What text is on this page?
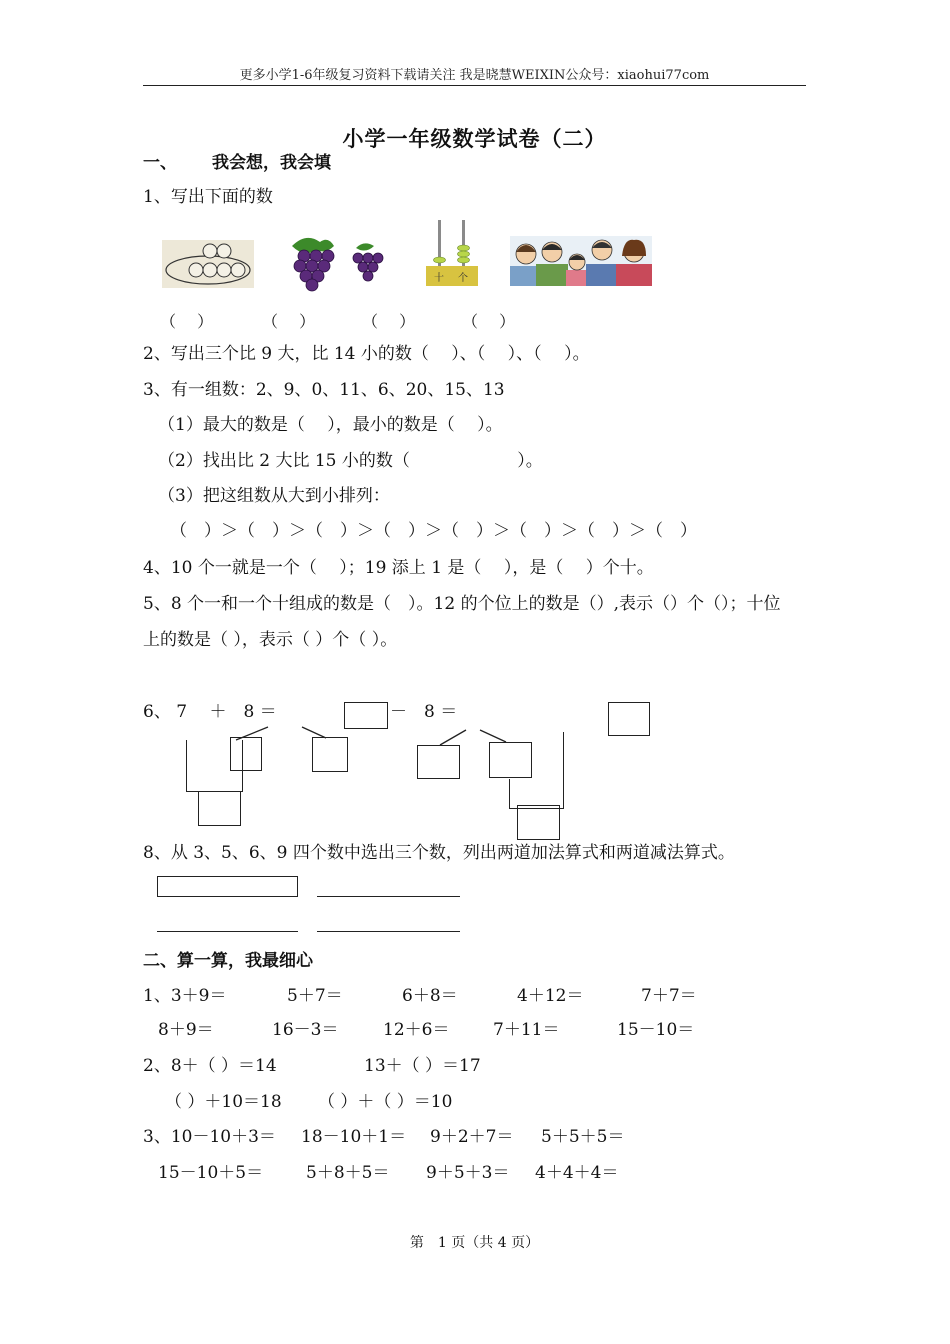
更多小学1-6年级复习资料下载请关注 我是晓慧WEIXIN公众号：xiaohui77com
小学一年级数学试卷（二）
一、 我会想，我会填
1、写出下面的数
十 个
（　 ）	（　 ）	（　 ）	（　 ）
2、写出三个比 9 大，比 14 小的数（　 ）、（　 ）、（　 ）。
3、有一组数：2、9、0、11、6、20、15、13
（1）最大的数是（　 ），最小的数是（　 ）。
（2）找出比 2 大比 15 小的数（　　　　　　 ）。
（3）把这组数从大到小排列：
（　）＞（　）＞（　）＞（　）＞（　）＞（　）＞（　）＞（　）
4、10 个一就是一个（　 ）；19 添上 1 是（　 ），是（　 ）个十。
5、8 个一和一个十组成的数是（　）。12 的个位上的数是（）,表示（）个（）；十位
上的数是（ ），表示（ ）个（ ）。
6、 7 　＋　8 ＝	－　8 ＝
8、从 3、5、6、9 四个数中选出三个数，列出两道加法算式和两道减法算式。
二、算一算，我最细心
1、3＋9＝	5＋7＝	6＋8＝	4＋12＝	7＋7＝
8＋9＝	16－3＝	12＋6＝	7＋11＝	15－10＝
2、8＋（ ）＝14	13＋（ ）＝17
（ ）＋10＝18 （ ）＋（ ）＝10
3、10－10＋3＝ 18－10＋1＝ 9＋2＋7＝ 5＋5＋5＝
15－10＋5＝	5＋8＋5＝ 9＋5＋3＝ 4＋4＋4＝
第　1 页（共 4 页）
